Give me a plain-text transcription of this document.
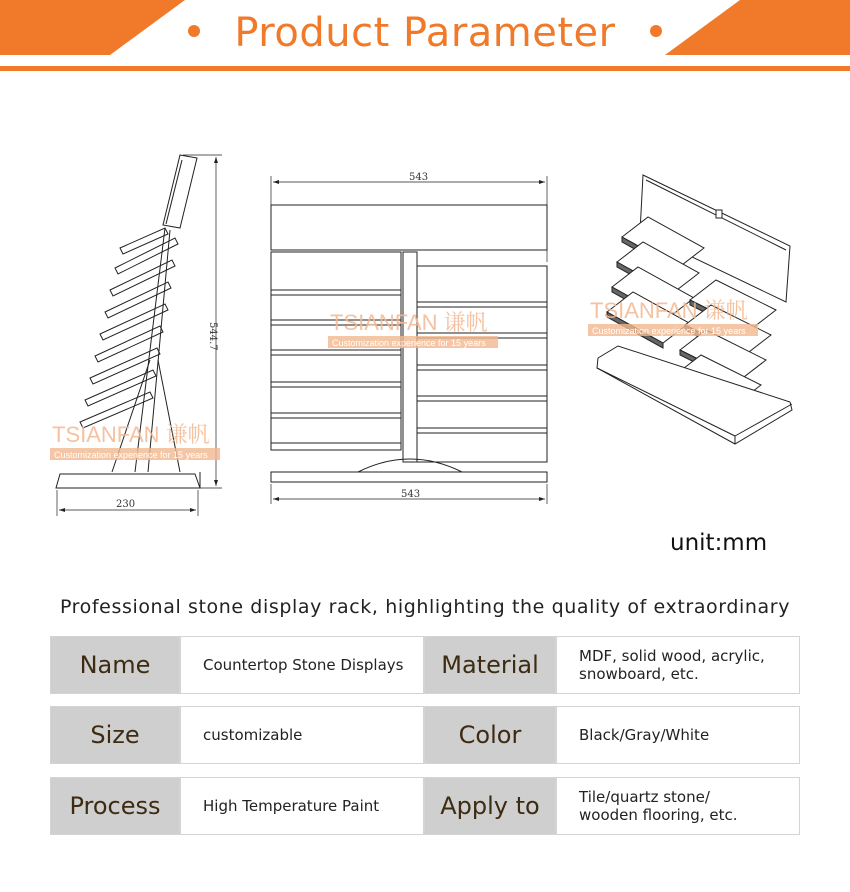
Product Parameter
544.7
230
543
543
TSIANFAN 谦帆
Customization experience for 15 years
TSIANFAN 谦帆
Customization experience for 15 years
TSIANFAN 谦帆
Customization experience for 15 years
unit:mm
Professional stone display rack, highlighting the quality of extraordinary
Name	Countertop Stone Displays	Material	MDF, solid wood, acrylic,
snowboard, etc.
Size	customizable	Color	Black/Gray/White
Process	High Temperature Paint	Apply to	Tile/quartz stone/
wooden flooring, etc.
